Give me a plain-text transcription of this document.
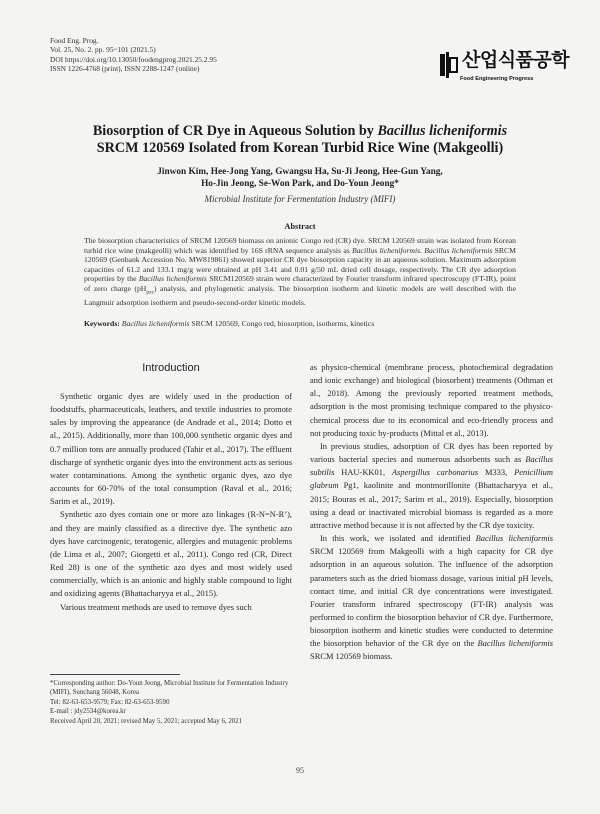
Food Eng. Prog.
Vol. 25, No. 2. pp. 95~101 (2021.5)
DOI https://doi.org/10.13050/foodengprog.2021.25.2.95
ISSN 1226-4768 (print), ISSN 2288-1247 (online)	산업식품공학
Food Engineering Progress
Biosorption of CR Dye in Aqueous Solution by Bacillus licheniformis
SRCM 120569 Isolated from Korean Turbid Rice Wine (Makgeolli)
Jinwon Kim, Hee-Jong Yang, Gwangsu Ha, Su-Ji Jeong, Hee-Gun Yang,
Ho-Jin Jeong, Se-Won Park, and Do-Youn Jeong*
Microbial Institute for Fermentation Industry (MIFI)
Abstract
The biosorption characteristics of SRCM 120569 biomass on anionic Congo red (CR) dye. SRCM 120569 strain was isolated from Korean turbid rice wine (makgeolli) which was identified by 16S rRNA sequence analysis as Bacillus licheniformis. Bacillus licheniformis SRCM 120569 (Genbank Accession No. MW819861) showed superior CR dye biosorption capacity in an aqueous solution. Maximum adsorption capacities of 61.2 and 133.1 mg/g were obtained at pH 3.41 and 0.01 g/50 mL dried cell dosage, respectively. The CR dye adsorption properties by the Bacillus licheniformis SRCM120569 strain were characterized by Fourier transform infrared spectroscopy (FT-IR), point of zero charge $(pH_{pzc})$ analysis, and phylogenetic analysis. The biosorption isotherm and kinetic models are well described with the Langmuir adsorption isotherm and pseudo-second-order kinetic models.
Keywords: Bacillus licheniformis SRCM 120569, Congo red, biosorption, isotherms, kinetics
Introduction

Synthetic organic dyes are widely used in the production of foodstuffs, pharmaceuticals, leathers, and textile industries to promote sales by improving the appearance (de Andrade et al., 2014; Dotto et al., 2015). Additionally, more than 100,000 synthetic organic dyes and 0.7 million tons are annually produced (Tahir et al., 2017). The effluent discharge of synthetic organic dyes into the environment acts as serious water contaminations. Among the synthetic organic dyes, azo dye accounts for 60-70% of the total consumption (Raval et al., 2016; Sarim et al., 2019).

Synthetic azo dyes contain one or more azo linkages (R-N=N-R’), and they are mainly classified as a directive dye. The synthetic azo dyes have carcinogenic, teratogenic, allergies and mutagenic problems (de Lima et al., 2007; Giorgetti et al., 2011). Congo red (CR, Direct Red 28) is one of the synthetic azo dyes and most widely used commercially, which is an anionic and highly stable compound to light and oxidizing agents (Bhattacharyya et al., 2015).

Various treatment methods are used to remove dyes such

as physico-chemical (membrane process, photochemical degradation and ionic exchange) and biological (biosorbent) treatments (Othman et al., 2018). Among the previously reported treatment methods, adsorption is the most promising technique compared to the physico-chemical process due to its economical and eco-friendly process and not producing toxic by-products (Mittal et al., 2013).

In previous studies, adsorption of CR dyes has been reported by various bacterial species and numerous adsorbents such as Bacillus subtilis HAU-KK01, Aspergillus carbonarius M333, Penicillium glabrum Pg1, kaolinite and montmorillonite (Bhattacharyya et al., 2015; Bouras et al., 2017; Sarim et al., 2019). Especially, biosorption using a dead or inactivated microbial biomass is regarded as a more attractive method because it is not affected by the CR dye toxicity.

In this work, we isolated and identified Bacillus licheniformis SRCM 120569 from Makgeolli with a high capacity for CR dye adsorption in an aqueous solution. The influence of the adsorption parameters such as the dried biomass dosage, various initial pH levels, contact time, and initial CR dye concentrations were investigated. Fourier transform infrared spectroscopy (FT-IR) analysis was performed to confirm the biosorption behavior of CR dye. Furthermore, biosorption isotherm and kinetic studies were conducted to determine the biosorption behavior of the CR dye on the Bacillus licheniformis SRCM 120569 biomass.

*Corresponding author: Do-Youn Jeong, Microbial Institute for Fermentation Industry (MIFI), Sunchang 56048, Korea
Tel: 82-63-653-9579; Fax: 82-63-653-9590
E-mail : jdy2534@korea.kr
Received April 20, 2021; revised May 5, 2021; accepted May 6, 2021
95
